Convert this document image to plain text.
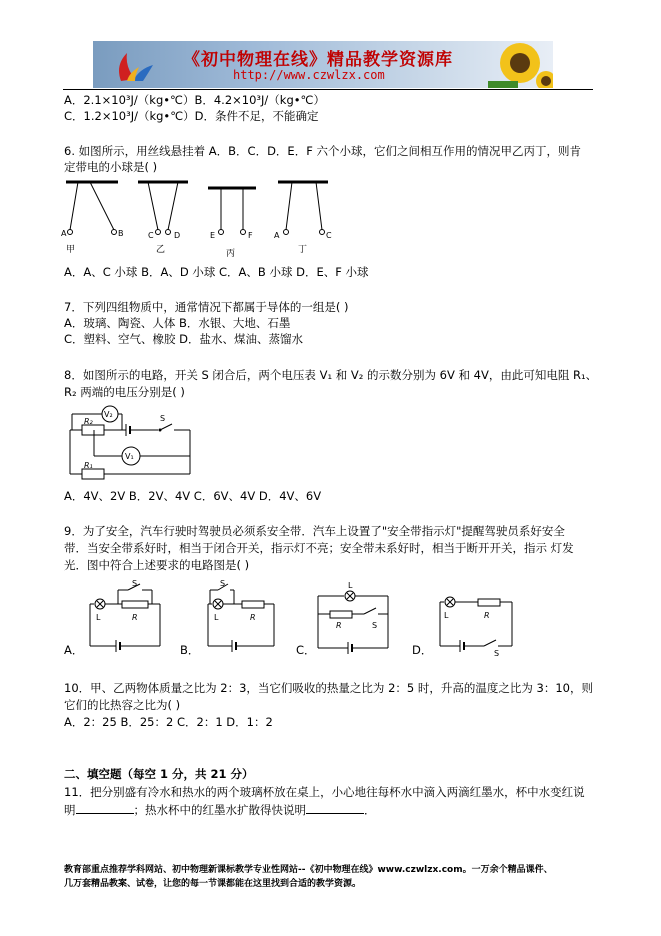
《初中物理在线》精品教学资源库
http://www.czwlzx.com
A．2.1×10³J/（kg•℃）B．4.2×10³J/（kg•℃）
C．1.2×10³J/（kg•℃）D．条件不足，不能确定
6. 如图所示，用丝线悬挂着 A．B．C．D．E．F 六个小球，它们之间相互作用的情况甲乙丙丁，则肯
定带电的小球是( )
A	B	C	D	E	F	A	C
甲	乙	丙	丁
A．A、C 小球 B．A、D 小球 C．A、B 小球 D．E、F 小球
7．下列四组物质中，通常情况下都属于导体的一组是( )
A．玻璃、陶瓷、人体 B．水银、大地、石墨
C．塑料、空气、橡胶 D．盐水、煤油、蒸馏水
8．如图所示的电路，开关 S 闭合后，两个电压表 V₁ 和 V₂ 的示数分别为 6V 和 4V，由此可知电阻 R₁、
R₂ 两端的电压分别是( )
R₂
R₁
V₂
V₁
S
A．4V、2V B．2V、4V C．6V、4V D．4V、6V
9．为了安全，汽车行驶时驾驶员必须系安全带．汽车上设置了"安全带指示灯"提醒驾驶员系好安全
带．当安全带系好时，相当于闭合开关，指示灯不亮；安全带未系好时，相当于断开开关，指示 灯发
光．图中符合上述要求的电路图是( )
L	R
S
L	R
S	L
R	S
L	R
S
A．	B．	C．	D．
10．甲、乙两物体质量之比为 2：3，当它们吸收的热量之比为 2：5 时，升高的温度之比为 3：10，则
它们的比热容之比为( )
A．2：25 B．25：2 C．2：1 D．1：2
二、填空题（每空 1 分，共 21 分）
11．把分别盛有冷水和热水的两个玻璃杯放在桌上，小心地往每杯水中滴入两滴红墨水，杯中水变红说
明	；热水杯中的红墨水扩散得快说明	．
教育部重点推荐学科网站、初中物理新课标教学专业性网站--《初中物理在线》www.czwlzx.com。一万余个精品课件、
几万套精品教案、试卷，让您的每一节课都能在这里找到合适的教学资源。
